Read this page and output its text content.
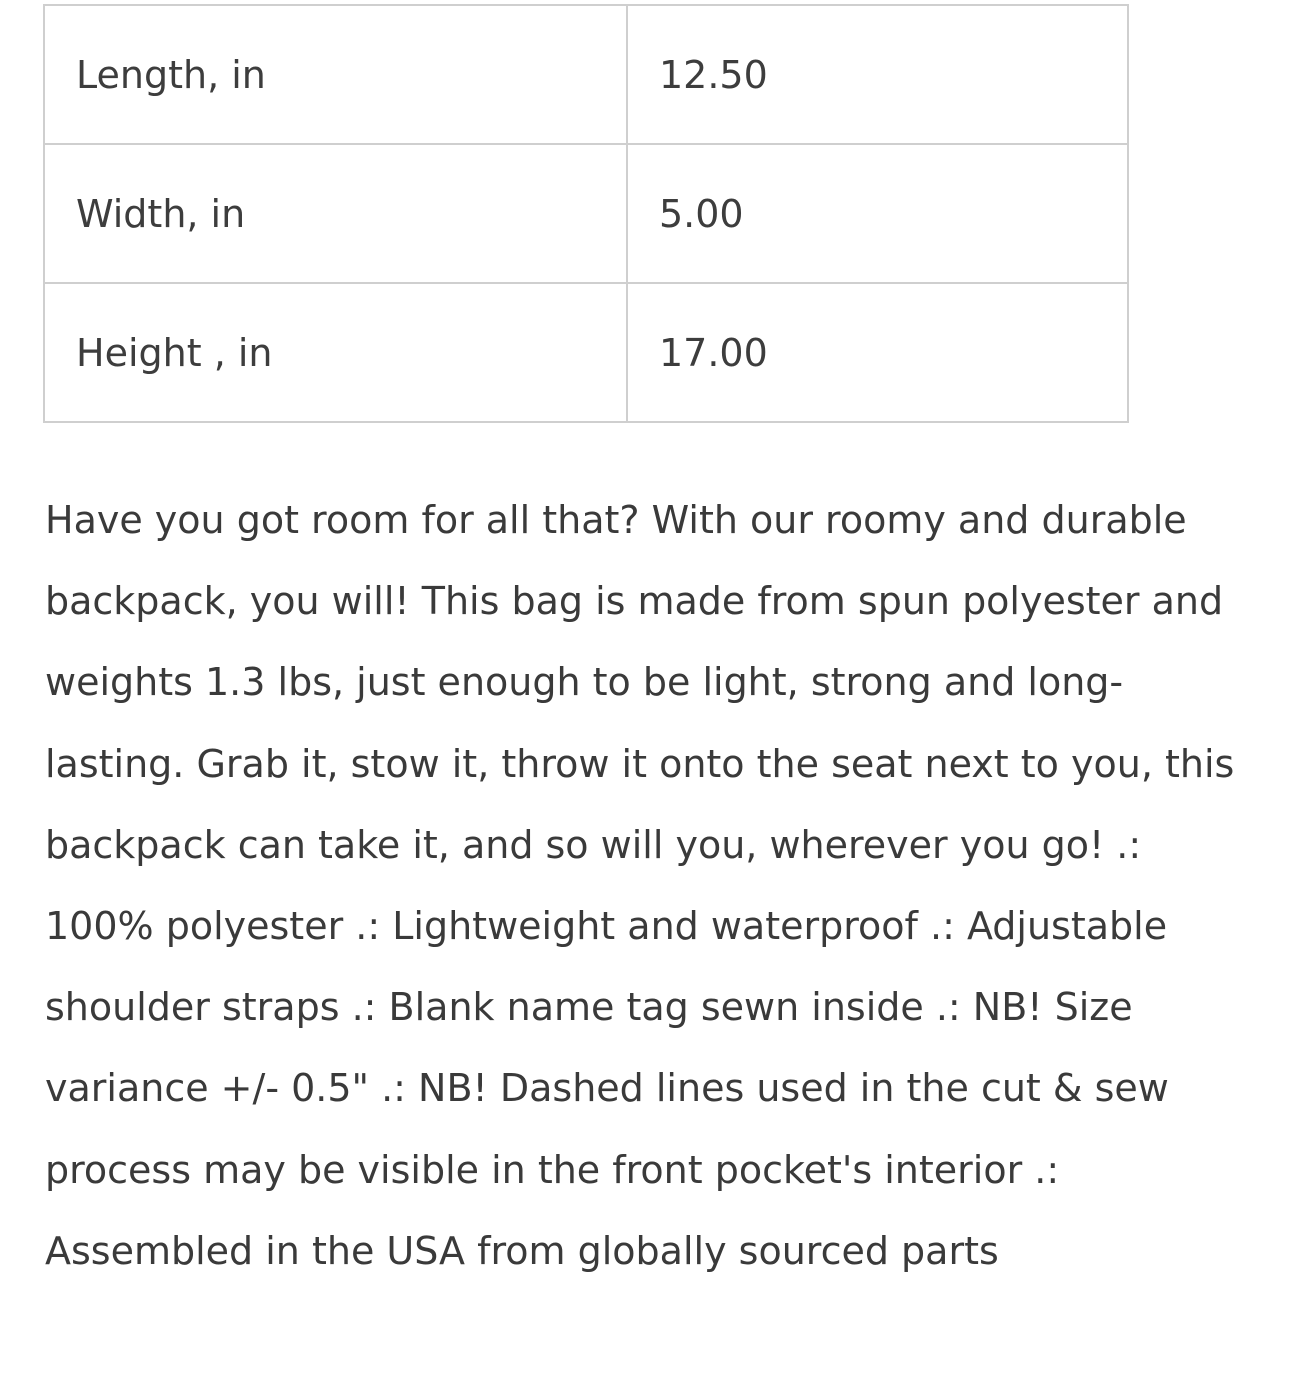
Length, in	12.50
Width, in	5.00
Height , in	17.00

Have you got room for all that? With our roomy and durable backpack, you will! This bag is made from spun polyester and weights 1.3 lbs, just enough to be light, strong and long-lasting. Grab it, stow it, throw it onto the seat next to you, this backpack can take it, and so will you, wherever you go! .: 100% polyester .: Lightweight and waterproof .: Adjustable shoulder straps .: Blank name tag sewn inside .: NB! Size variance +/- 0.5" .: NB! Dashed lines used in the cut & sew process may be visible in the front pocket's interior .: Assembled in the USA from globally sourced parts
